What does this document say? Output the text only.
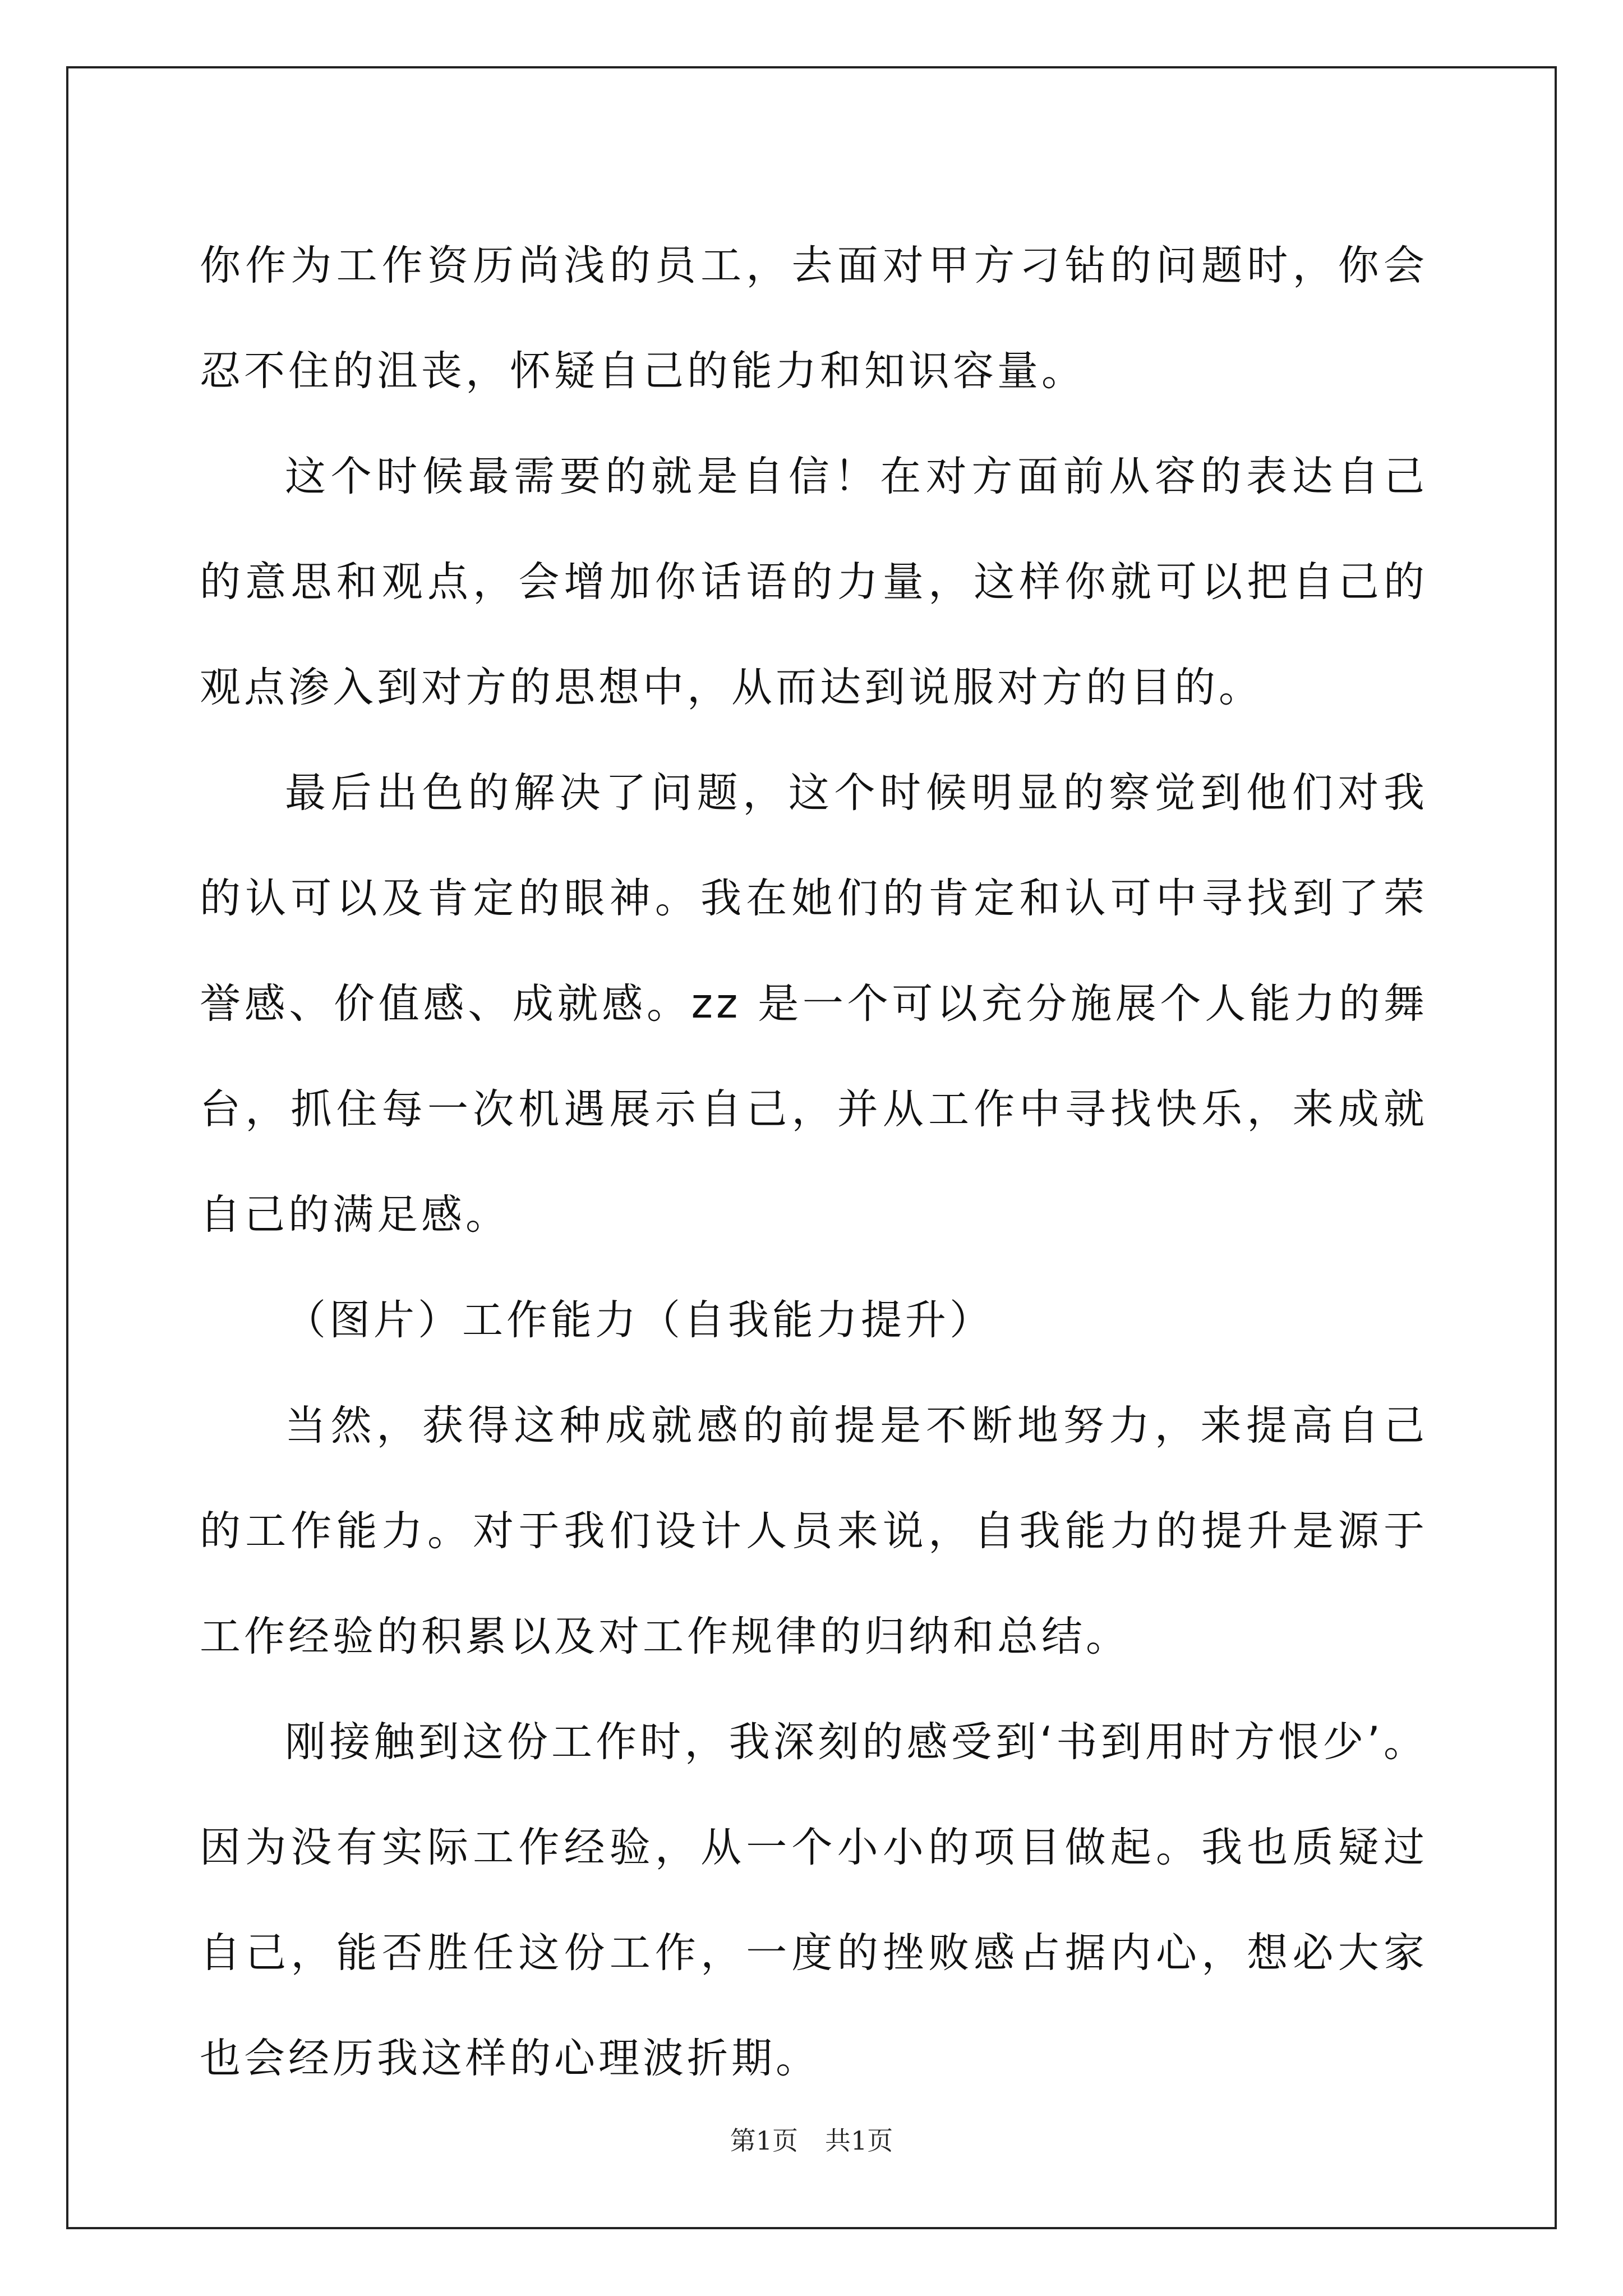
你作为工作资历尚浅的员工，去面对甲方刁钻的问题时，你会忍不住的沮丧，怀疑自己的能力和知识容量。

这个时候最需要的就是自信！在对方面前从容的表达自己的意思和观点，会增加你话语的力量，这样你就可以把自己的观点渗入到对方的思想中，从而达到说服对方的目的。

最后出色的解决了问题，这个时候明显的察觉到他们对我的认可以及肯定的眼神。我在她们的肯定和认可中寻找到了荣誉感、价值感、成就感。zz 是一个可以充分施展个人能力的舞台，抓住每一次机遇展示自己，并从工作中寻找快乐，来成就自己的满足感。

（图片）工作能力（自我能力提升）

当然，获得这种成就感的前提是不断地努力，来提高自己的工作能力。对于我们设计人员来说，自我能力的提升是源于工作经验的积累以及对工作规律的归纳和总结。

刚接触到这份工作时，我深刻的感受到‘书到用时方恨少’。因为没有实际工作经验，从一个小小的项目做起。我也质疑过自己，能否胜任这份工作，一度的挫败感占据内心，想必大家也会经历我这样的心理波折期。

第1页 共1页
